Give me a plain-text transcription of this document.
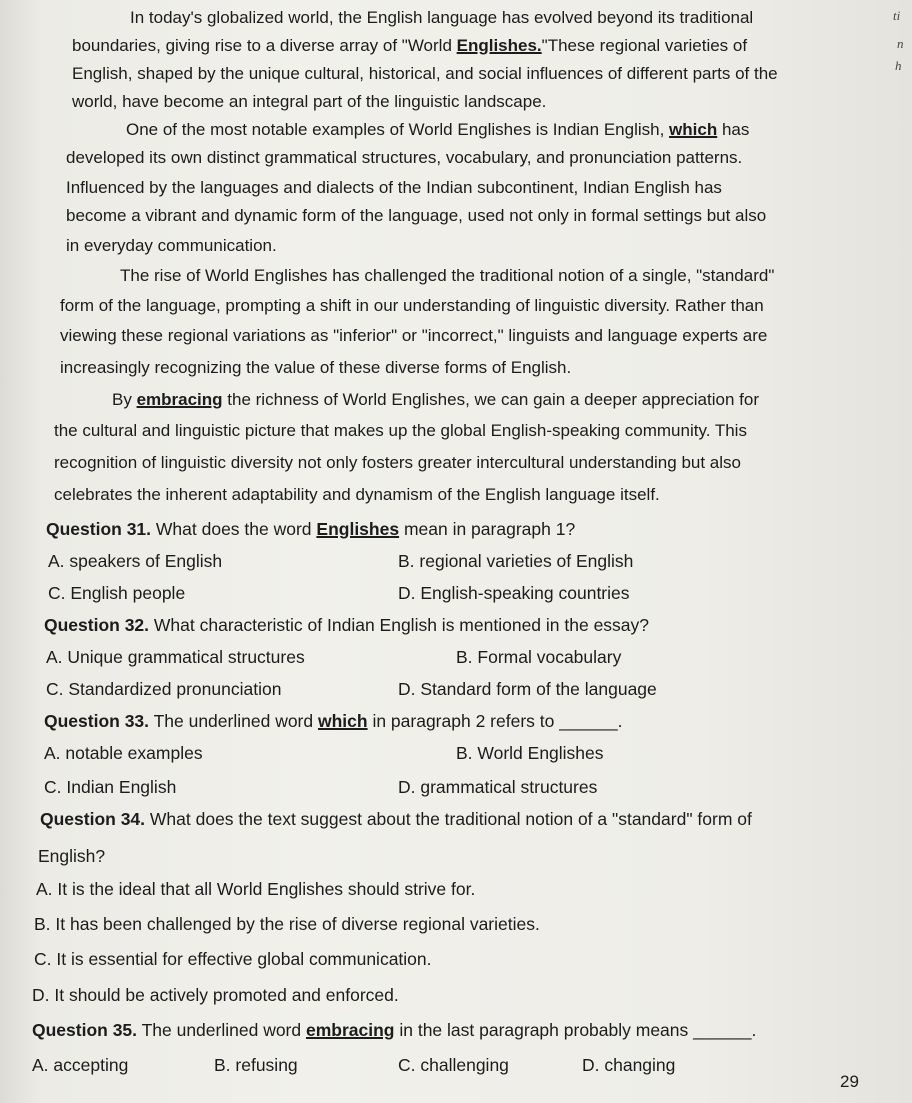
ti
n
h
In today's globalized world, the English language has evolved beyond its traditional
boundaries, giving rise to a diverse array of "World Englishes."These regional varieties of
English, shaped by the unique cultural, historical, and social influences of different parts of the
world, have become an integral part of the linguistic landscape.
One of the most notable examples of World Englishes is Indian English, which has
developed its own distinct grammatical structures, vocabulary, and pronunciation patterns.
Influenced by the languages and dialects of the Indian subcontinent, Indian English has
become a vibrant and dynamic form of the language, used not only in formal settings but also
in everyday communication.
The rise of World Englishes has challenged the traditional notion of a single, "standard"
form of the language, prompting a shift in our understanding of linguistic diversity. Rather than
viewing these regional variations as "inferior" or "incorrect," linguists and language experts are
increasingly recognizing the value of these diverse forms of English.
By embracing the richness of World Englishes, we can gain a deeper appreciation for
the cultural and linguistic picture that makes up the global English-speaking community. This
recognition of linguistic diversity not only fosters greater intercultural understanding but also
celebrates the inherent adaptability and dynamism of the English language itself.
Question 31. What does the word Englishes mean in paragraph 1?
A. speakers of English	B. regional varieties of English
C. English people	D. English-speaking countries
Question 32. What characteristic of Indian English is mentioned in the essay?
A. Unique grammatical structures	B. Formal vocabulary
C. Standardized pronunciation	D. Standard form of the language
Question 33. The underlined word which in paragraph 2 refers to ______.
A. notable examples	B. World Englishes
C. Indian English	D. grammatical structures
Question 34. What does the text suggest about the traditional notion of a "standard" form of
English?
A. It is the ideal that all World Englishes should strive for.
B. It has been challenged by the rise of diverse regional varieties.
C. It is essential for effective global communication.
D. It should be actively promoted and enforced.
Question 35. The underlined word embracing in the last paragraph probably means ______.
A. accepting	B. refusing	C. challenging	D. changing
29
